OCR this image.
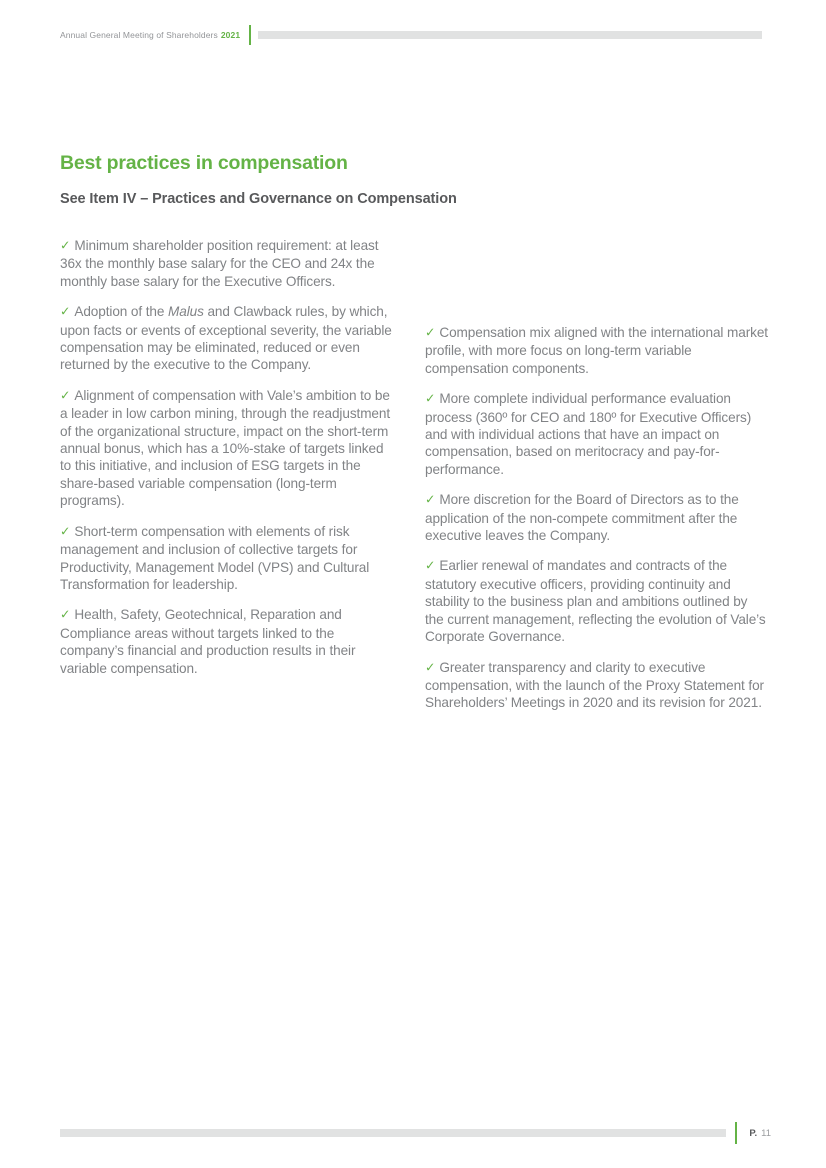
Annual General Meeting of Shareholders 2021
Best practices in compensation
See Item IV – Practices and Governance on Compensation

✓ Minimum shareholder position requirement: at least 36x the monthly base salary for the CEO and 24x the monthly base salary for the Executive Officers.

✓ Adoption of the Malus and Clawback rules, by which, upon facts or events of exceptional severity, the variable compensation may be eliminated, reduced or even returned by the executive to the Company.

✓ Alignment of compensation with Vale’s ambition to be a leader in low carbon mining, through the readjustment of the organizational structure, impact on the short-term annual bonus, which has a 10%-stake of targets linked to this initiative, and inclusion of ESG targets in the share-based variable compensation (long-term programs).

✓ Short-term compensation with elements of risk management and inclusion of collective targets for Productivity, Management Model (VPS) and Cultural Transformation for leadership.

✓ Health, Safety, Geotechnical, Reparation and Compliance areas without targets linked to the company’s financial and production results in their variable compensation.

✓ Compensation mix aligned with the international market profile, with more focus on long-term variable compensation components.

✓ More complete individual performance evaluation process (360º for CEO and 180º for Executive Officers) and with individual actions that have an impact on compensation, based on meritocracy and pay-for-performance.

✓ More discretion for the Board of Directors as to the application of the non-compete commitment after the executive leaves the Company.

✓ Earlier renewal of mandates and contracts of the statutory executive officers, providing continuity and stability to the business plan and ambitions outlined by the current management, reflecting the evolution of Vale’s Corporate Governance.

✓ Greater transparency and clarity to executive compensation, with the launch of the Proxy Statement for Shareholders’ Meetings in 2020 and its revision for 2021.

P. 11
